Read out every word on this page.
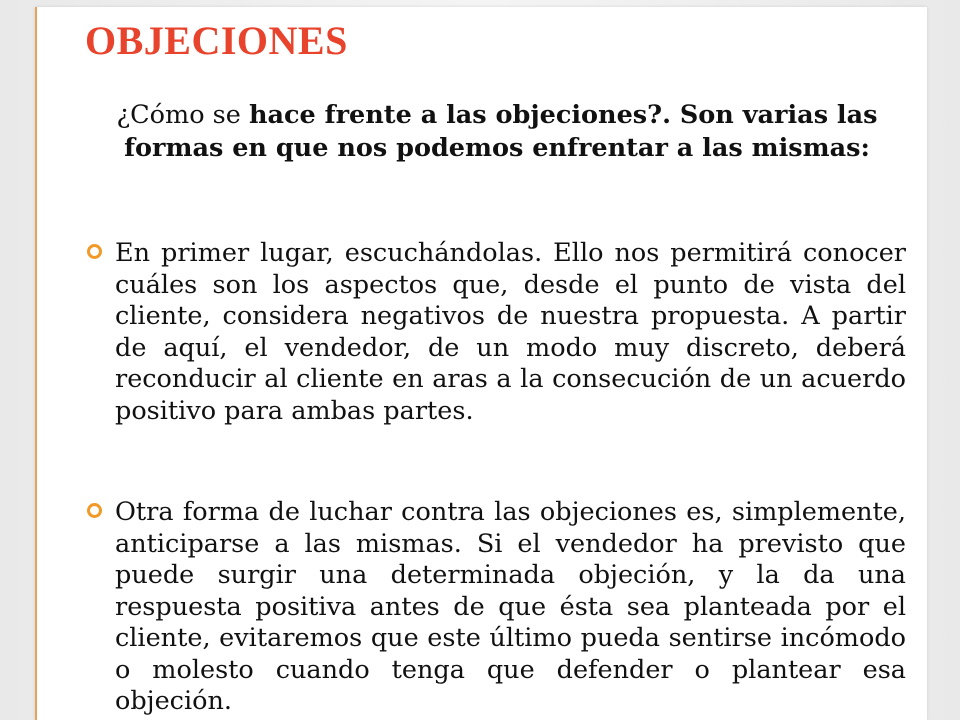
OBJECIONES

¿Cómo se hace frente a las objeciones?. Son varias las formas en que nos podemos enfrentar a las mismas:

En primer lugar, escuchándolas. Ello nos permitirá conocer cuáles son los aspectos que, desde el punto de vista del cliente, considera negativos de nuestra propuesta. A partir de aquí, el vendedor, de un modo muy discreto, deberá reconducir al cliente en aras a la consecución de un acuerdo positivo para ambas partes.

Otra forma de luchar contra las objeciones es, simplemente, anticiparse a las mismas. Si el vendedor ha previsto que puede surgir una determinada objeción, y la da una respuesta positiva antes de que ésta sea planteada por el cliente, evitaremos que este último pueda sentirse incómodo o molesto cuando tenga que defender o plantear esa objeción.
